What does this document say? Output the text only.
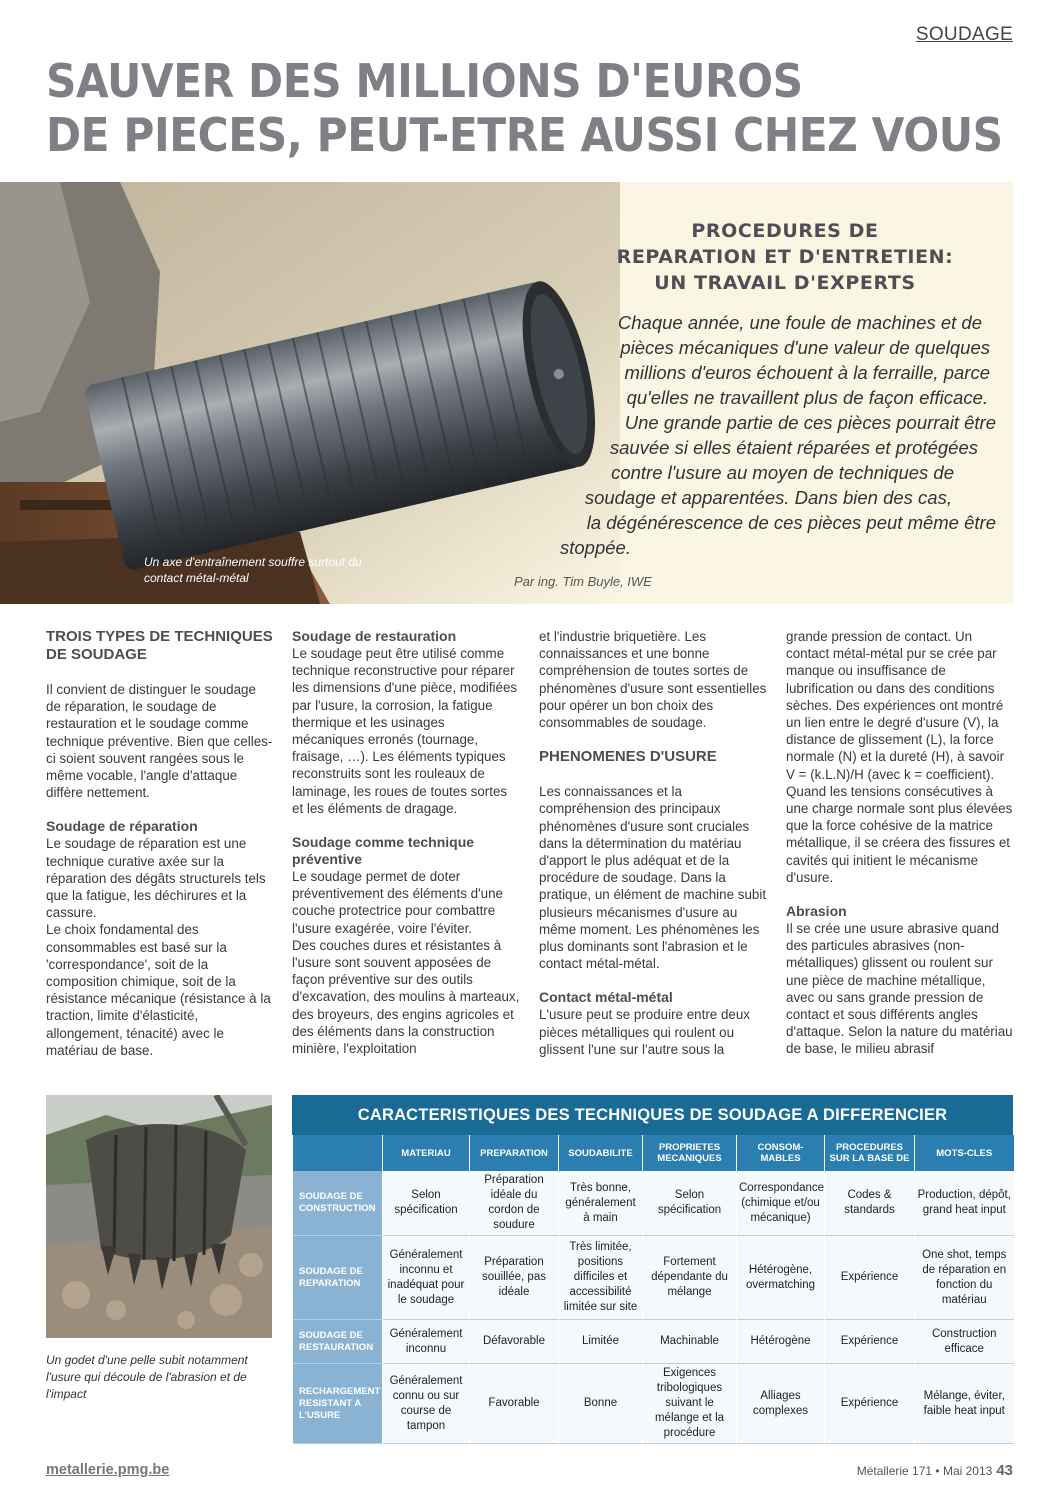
SOUDAGE
SAUVER DES MILLIONS D'EUROS
DE PIECES, PEUT-ETRE AUSSI CHEZ VOUS
PROCEDURES DE
REPARATION ET D'ENTRETIEN:
UN TRAVAIL D'EXPERTS
Chaque année, une foule de machines et de
pièces mécaniques d'une valeur de quelques
millions d'euros échouent à la ferraille, parce
qu'elles ne travaillent plus de façon efficace.
Une grande partie de ces pièces pourrait être
sauvée si elles étaient réparées et protégées
contre l'usure au moyen de techniques de
soudage et apparentées. Dans bien des cas,
la dégénérescence de ces pièces peut même être
stoppée.
Par ing. Tim Buyle, IWE
Un axe d'entraînement souffre surtout du contact métal-métal
TROIS TYPES DE TECHNIQUES DE SOUDAGE

Il convient de distinguer le soudage de réparation, le soudage de restauration et le soudage comme technique préventive. Bien que celles-ci soient souvent rangées sous le même vocable, l'angle d'attaque diffère nettement.

Soudage de réparation

Le soudage de réparation est une technique curative axée sur la réparation des dégâts structurels tels que la fatigue, les déchirures et la cassure.

Le choix fondamental des consommables est basé sur la 'correspondance', soit de la composition chimique, soit de la résistance mécanique (résistance à la traction, limite d'élasticité, allongement, ténacité) avec le matériau de base.

Soudage de restauration

Le soudage peut être utilisé comme technique reconstructive pour réparer les dimensions d'une pièce, modifiées par l'usure, la corrosion, la fatigue thermique et les usinages mécaniques erronés (tournage, fraisage, …). Les éléments typiques reconstruits sont les rouleaux de laminage, les roues de toutes sortes et les éléments de dragage.

Soudage comme technique préventive

Le soudage permet de doter préventivement des éléments d'une couche protectrice pour combattre l'usure exagérée, voire l'éviter.

Des couches dures et résistantes à l'usure sont souvent apposées de façon préventive sur des outils d'excavation, des moulins à marteaux, des broyeurs, des engins agricoles et des éléments dans la construction minière, l'exploitation

et l'industrie briquetière. Les connaissances et une bonne compréhension de toutes sortes de phénomènes d'usure sont essentielles pour opérer un bon choix des consommables de soudage.

PHENOMENES D'USURE

Les connaissances et la compréhension des principaux phénomènes d'usure sont cruciales dans la détermination du matériau d'apport le plus adéquat et de la procédure de soudage. Dans la pratique, un élément de machine subit plusieurs mécanismes d'usure au même moment. Les phénomènes les plus dominants sont l'abrasion et le contact métal-métal.

Contact métal-métal

L'usure peut se produire entre deux pièces métalliques qui roulent ou glissent l'une sur l'autre sous la

grande pression de contact. Un contact métal-métal pur se crée par manque ou insuffisance de lubrification ou dans des conditions sèches. Des expériences ont montré un lien entre le degré d'usure (V), la distance de glissement (L), la force normale (N) et la dureté (H), à savoir V = (k.L.N)/H (avec k = coefficient). Quand les tensions consécutives à une charge normale sont plus élevées que la force cohésive de la matrice métallique, il se créera des fissures et cavités qui initient le mécanisme d'usure.

Abrasion

Il se crée une usure abrasive quand des particules abrasives (non-métalliques) glissent ou roulent sur une pièce de machine métallique, avec ou sans grande pression de contact et sous différents angles d'attaque. Selon la nature du matériau de base, le milieu abrasif

Un godet d'une pelle subit notamment l'usure qui découle de l'abrasion et de l'impact
CARACTERISTIQUES DES TECHNIQUES DE SOUDAGE A DIFFERENCIER
	MATERIAU	PREPARATION	SOUDABILITE	PROPRIETES MECANIQUES	CONSOM-MABLES	PROCEDURES SUR LA BASE DE	MOTS-CLES
SOUDAGE DE CONSTRUCTION	Selon spécification	Préparation idéale du cordon de soudure	Très bonne, généralement à main	Selon spécification	Correspondance (chimique et/ou mécanique)	Codes & standards	Production, dépôt, grand heat input
SOUDAGE DE REPARATION	Généralement inconnu et inadéquat pour le soudage	Préparation souillée, pas idéale	Très limitée, positions difficiles et accessibilité limitée sur site	Fortement dépendante du mélange	Hétérogène, overmatching	Expérience	One shot, temps de réparation en fonction du matériau
SOUDAGE DE RESTAURATION	Généralement inconnu	Défavorable	Limitée	Machinable	Hétérogène	Expérience	Construction efficace
RECHARGEMENT RESISTANT A L'USURE	Généralement connu ou sur course de tampon	Favorable	Bonne	Exigences tribologiques suivant le mélange et la procédure	Alliages complexes	Expérience	Mélange, éviter, faible heat input
metallerie.pmg.be	Métallerie 171 • Mai 2013 43
